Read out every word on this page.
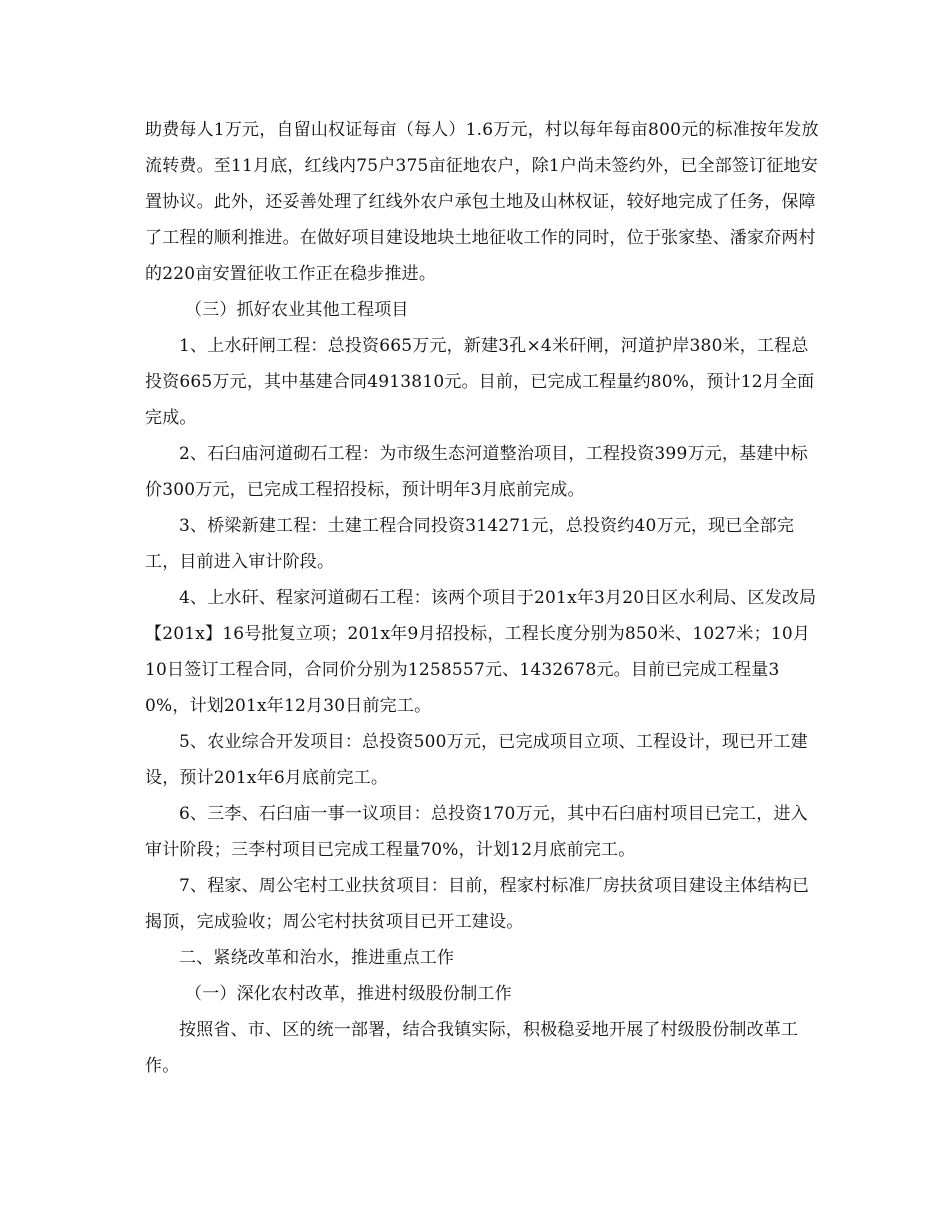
助费每人1万元，自留山权证每亩（每人）1.6万元，村以每年每亩800元的标准按年发放流转费。至11月底，红线内75户375亩征地农户，除1户尚未签约外，已全部签订征地安置协议。此外，还妥善处理了红线外农户承包土地及山林权证，较好地完成了任务，保障了工程的顺利推进。在做好项目建设地块土地征收工作的同时，位于张家垫、潘家夼两村的220亩安置征收工作正在稳步推进。

（三）抓好农业其他工程项目

1、上水矸闸工程：总投资665万元，新建3孔×4米矸闸，河道护岸380米，工程总投资665万元，其中基建合同4913810元。目前，已完成工程量约80%，预计12月全面完成。

2、石臼庙河道砌石工程：为市级生态河道整治项目，工程投资399万元，基建中标价300万元，已完成工程招投标，预计明年3月底前完成。

3、桥梁新建工程：土建工程合同投资314271元，总投资约40万元，现已全部完工，目前进入审计阶段。

4、上水矸、程家河道砌石工程：该两个项目于201x年3月20日区水利局、区发改局【201x】16号批复立项；201x年9月招投标，工程长度分别为850米、1027米；10月10日签订工程合同，合同价分别为1258557元、1432678元。目前已完成工程量30%，计划201x年12月30日前完工。

5、农业综合开发项目：总投资500万元，已完成项目立项、工程设计，现已开工建设，预计201x年6月底前完工。

6、三李、石臼庙一事一议项目：总投资170万元，其中石臼庙村项目已完工，进入审计阶段；三李村项目已完成工程量70%，计划12月底前完工。

7、程家、周公宅村工业扶贫项目：目前，程家村标准厂房扶贫项目建设主体结构已揭顶，完成验收；周公宅村扶贫项目已开工建设。

二、紧绕改革和治水，推进重点工作

（一）深化农村改革，推进村级股份制工作

按照省、市、区的统一部署，结合我镇实际，积极稳妥地开展了村级股份制改革工作。
